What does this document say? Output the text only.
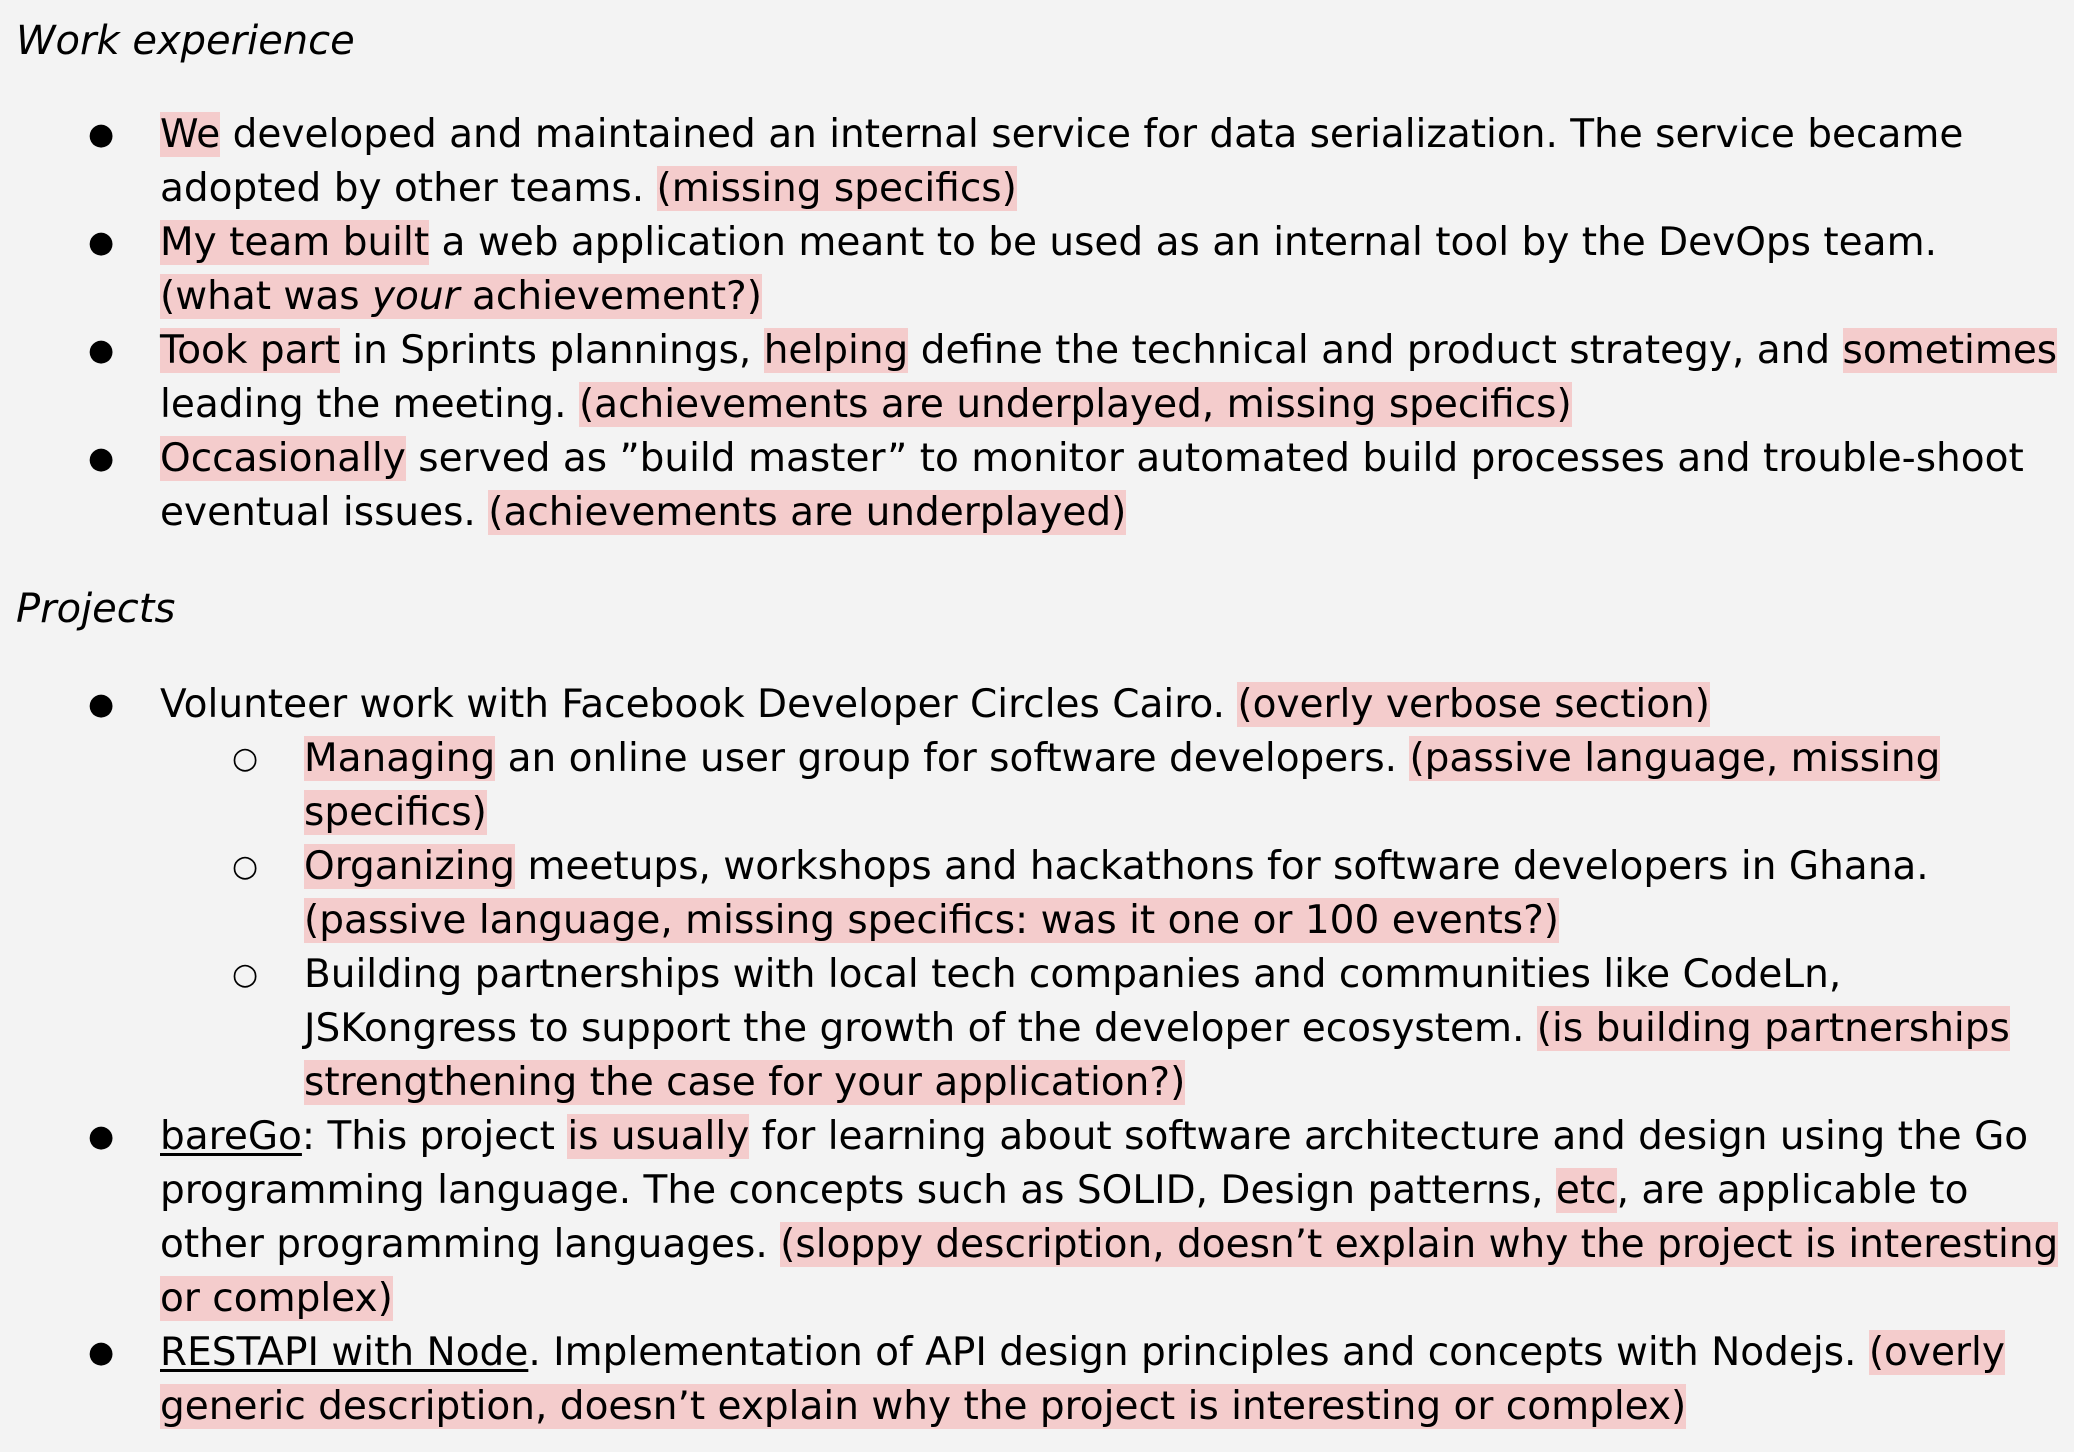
Work experience
● We developed and maintained an internal service for data serialization. The service became adopted by other teams. (missing specifics)
● My team built a web application meant to be used as an internal tool by the DevOps team. (what was your achievement?)
● Took part in Sprints plannings, helping define the technical and product strategy, and sometimes leading the meeting. (achievements are underplayed, missing specifics)
● Occasionally served as ”build master” to monitor automated build processes and trouble-shoot eventual issues. (achievements are underplayed)
Projects
● Volunteer work with Facebook Developer Circles Cairo. (overly verbose section)
○ Managing an online user group for software developers. (passive language, missing specifics)
○ Organizing meetups, workshops and hackathons for software developers in Ghana. (passive language, missing specifics: was it one or 100 events?)
○ Building partnerships with local tech companies and communities like CodeLn, JSKongress to support the growth of the developer ecosystem. (is building partnerships strengthening the case for your application?)
● bareGo: This project is usually for learning about software architecture and design using the Go programming language. The concepts such as SOLID, Design patterns, etc, are applicable to other programming languages. (sloppy description, doesn’t explain why the project is interesting or complex)
● RESTAPI with Node. Implementation of API design principles and concepts with Nodejs. (overly generic description, doesn’t explain why the project is interesting or complex)
